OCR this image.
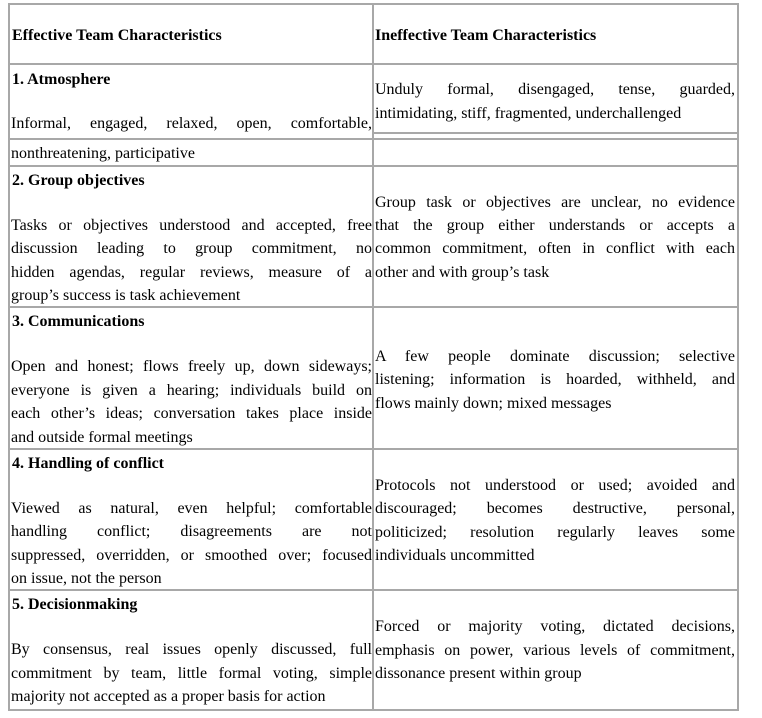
Effective Team Characteristics	Ineffective Team Characteristics
1. Atmosphere
Informal, engaged, relaxed, open, comfortable,
nonthreatening, participative
Unduly formal, disengaged, tense, guarded,
intimidating, stiff, fragmented, underchallenged
2. Group objectives
Tasks or objectives understood and accepted, free
discussion leading to group commitment, no
hidden agendas, regular reviews, measure of a
group’s success is task achievement
Group task or objectives are unclear, no evidence
that the group either understands or accepts a
common commitment, often in conflict with each
other and with group’s task
3. Communications
Open and honest; flows freely up, down sideways;
everyone is given a hearing; individuals build on
each other’s ideas; conversation takes place inside
and outside formal meetings
A few people dominate discussion; selective
listening; information is hoarded, withheld, and
flows mainly down; mixed messages
4. Handling of conflict
Viewed as natural, even helpful; comfortable
handling conflict; disagreements are not
suppressed, overridden, or smoothed over; focused
on issue, not the person
Protocols not understood or used; avoided and
discouraged; becomes destructive, personal,
politicized; resolution regularly leaves some
individuals uncommitted
5. Decisionmaking
By consensus, real issues openly discussed, full
commitment by team, little formal voting, simple
majority not accepted as a proper basis for action
Forced or majority voting, dictated decisions,
emphasis on power, various levels of commitment,
dissonance present within group
